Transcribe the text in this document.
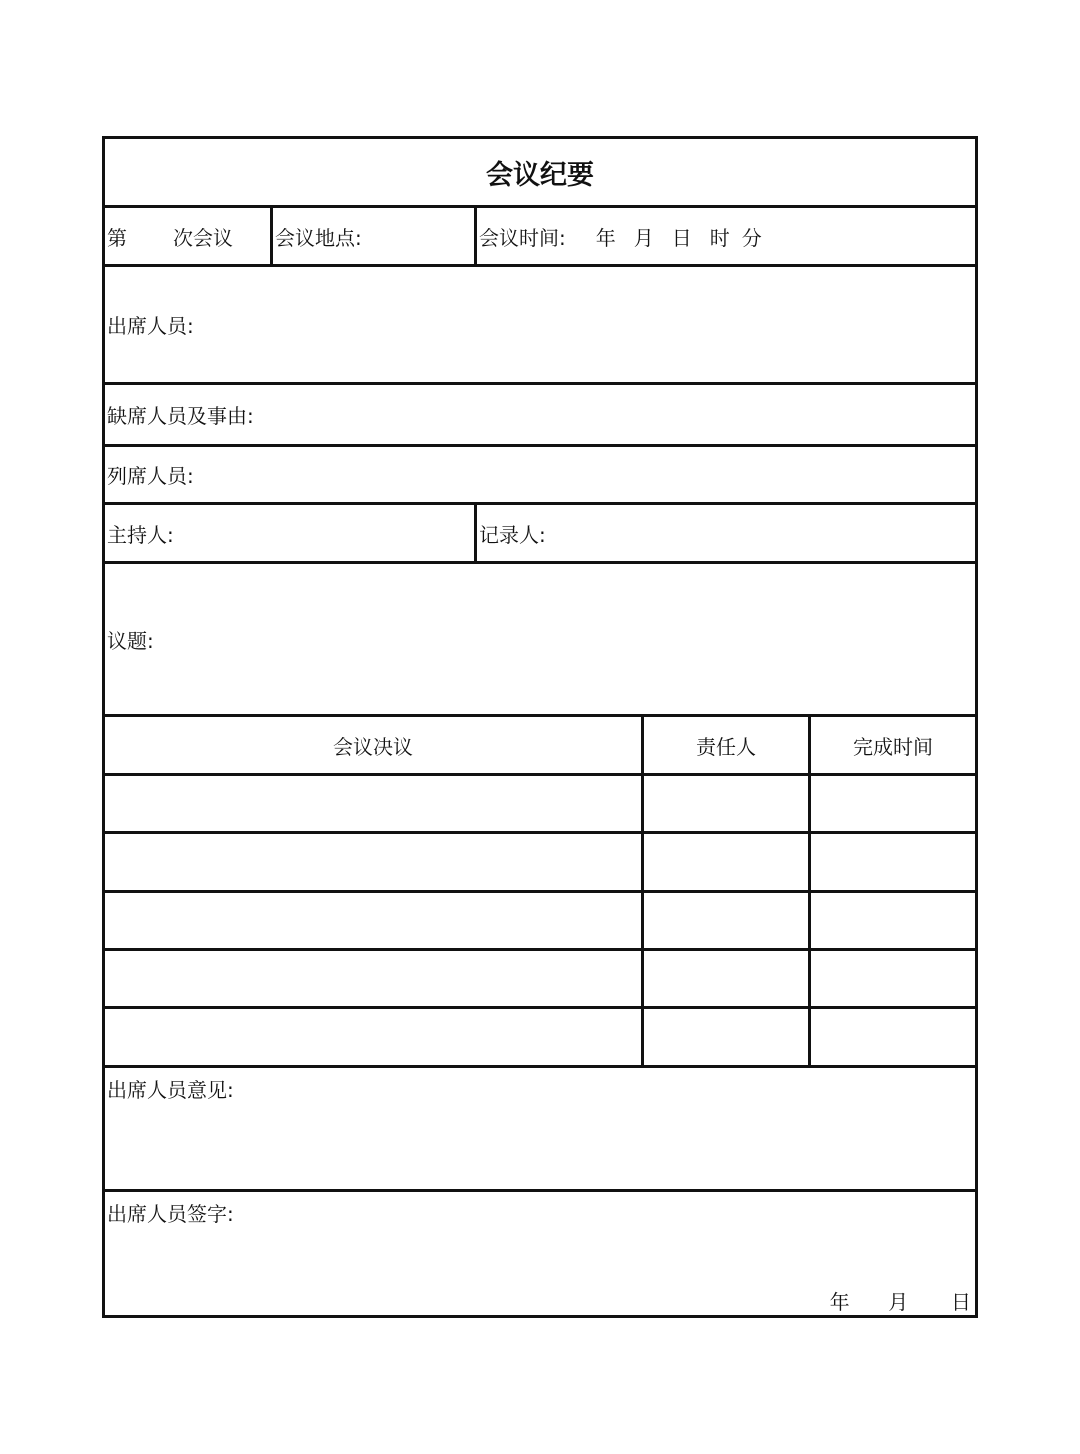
会议纪要
第 次会议 会议地点:	会议时间: 年 月 日 时 分
出席人员:
缺席人员及事由:
列席人员:
主持人:	记录人:
议题:
会议决议	责任人	完成时间
出席人员意见:
出席人员签字:
年 月 日
